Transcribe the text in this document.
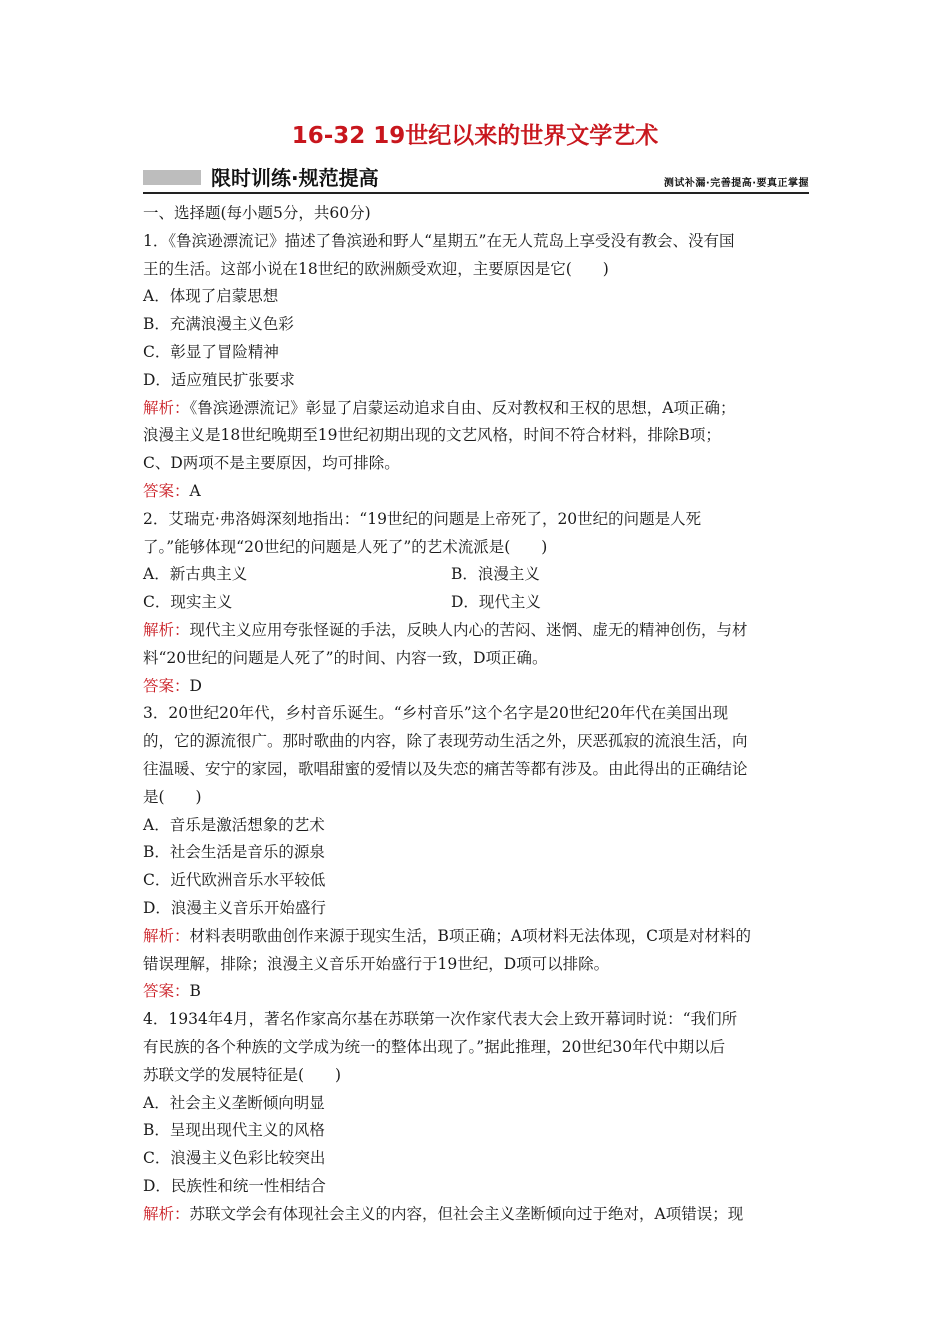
16-32 19世纪以来的世界文学艺术
限时训练·规范提高	测试补漏·完善提高·要真正掌握
一、选择题(每小题5分，共60分)
1．《鲁滨逊漂流记》描述了鲁滨逊和野人“星期五”在无人荒岛上享受没有教会、没有国
王的生活。这部小说在18世纪的欧洲颇受欢迎，主要原因是它(　　)
A．体现了启蒙思想
B．充满浪漫主义色彩
C．彰显了冒险精神
D．适应殖民扩张要求
解析：《鲁滨逊漂流记》彰显了启蒙运动追求自由、反对教权和王权的思想，A项正确；
浪漫主义是18世纪晚期至19世纪初期出现的文艺风格，时间不符合材料，排除B项；
C、D两项不是主要原因，均可排除。
答案：A
2．艾瑞克·弗洛姆深刻地指出：“19世纪的问题是上帝死了，20世纪的问题是人死
了。”能够体现“20世纪的问题是人死了”的艺术流派是(　　)
A．新古典主义	B．浪漫主义
C．现实主义	D．现代主义
解析：现代主义应用夸张怪诞的手法，反映人内心的苦闷、迷惘、虚无的精神创伤，与材
料“20世纪的问题是人死了”的时间、内容一致，D项正确。
答案：D
3．20世纪20年代，乡村音乐诞生。“乡村音乐”这个名字是20世纪20年代在美国出现
的，它的源流很广。那时歌曲的内容，除了表现劳动生活之外，厌恶孤寂的流浪生活，向
往温暖、安宁的家园，歌唱甜蜜的爱情以及失恋的痛苦等都有涉及。由此得出的正确结论
是(　　)
A．音乐是激活想象的艺术
B．社会生活是音乐的源泉
C．近代欧洲音乐水平较低
D．浪漫主义音乐开始盛行
解析：材料表明歌曲创作来源于现实生活，B项正确；A项材料无法体现，C项是对材料的
错误理解，排除；浪漫主义音乐开始盛行于19世纪，D项可以排除。
答案：B
4．1934年4月，著名作家高尔基在苏联第一次作家代表大会上致开幕词时说：“我们所
有民族的各个种族的文学成为统一的整体出现了。”据此推理，20世纪30年代中期以后
苏联文学的发展特征是(　　)
A．社会主义垄断倾向明显
B．呈现出现代主义的风格
C．浪漫主义色彩比较突出
D．民族性和统一性相结合
解析：苏联文学会有体现社会主义的内容，但社会主义垄断倾向过于绝对，A项错误；现
